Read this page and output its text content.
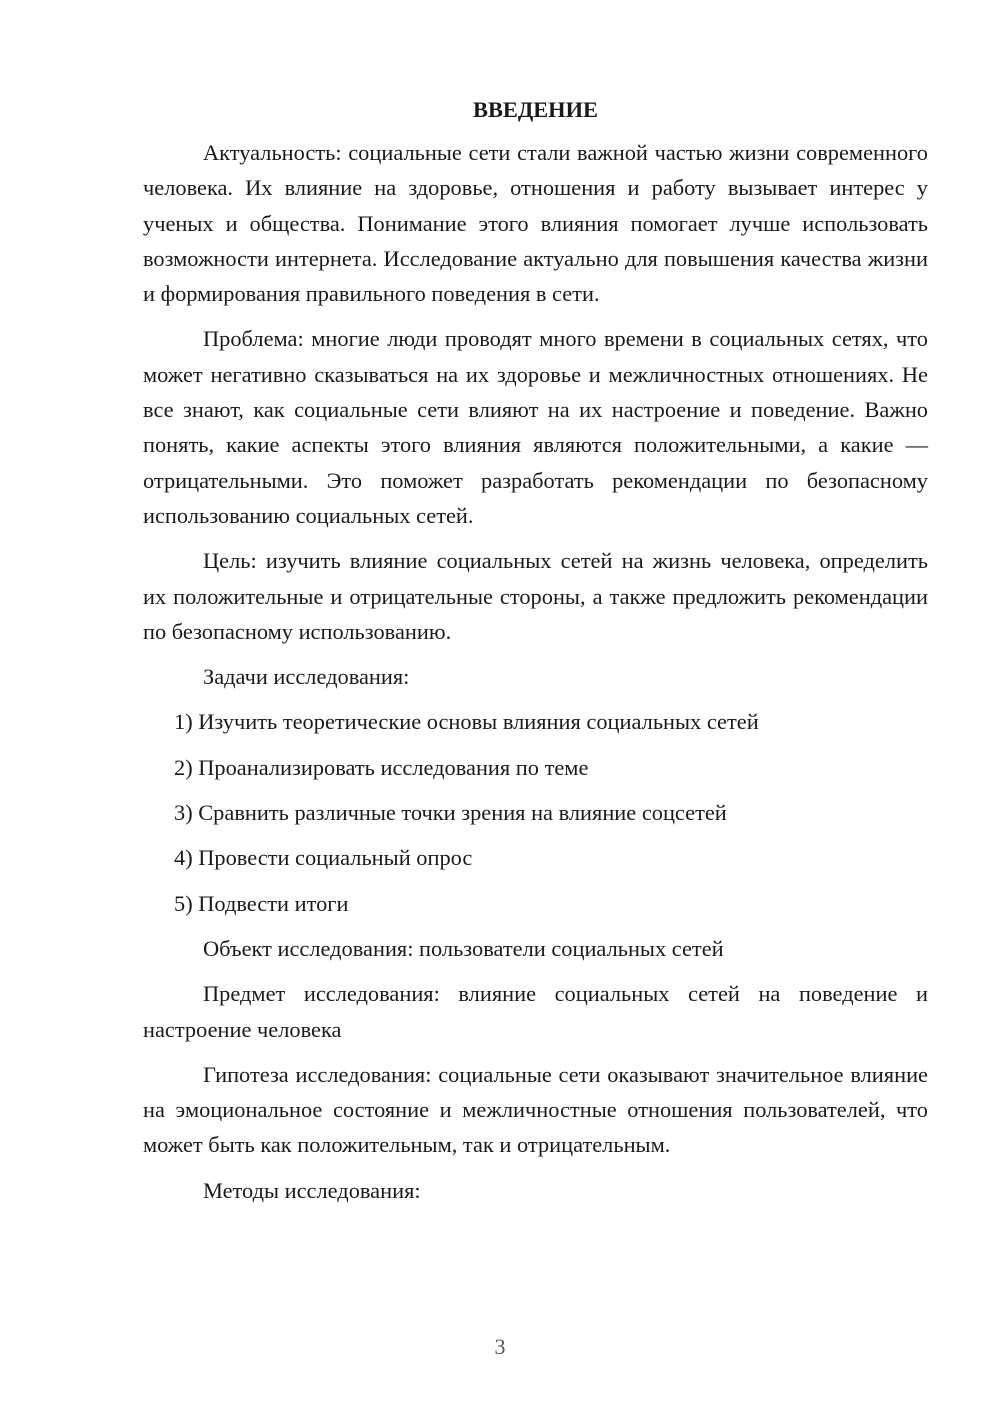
ВВЕДЕНИЕ

Актуальность: социальные сети стали важной частью жизни современного человека. Их влияние на здоровье, отношения и работу вызывает интерес у ученых и общества. Понимание этого влияния помогает лучше использовать возможности интернета. Исследование актуально для повышения качества жизни и формирования правильного поведения в сети.

Проблема: многие люди проводят много времени в социальных сетях, что может негативно сказываться на их здоровье и межличностных отношениях. Не все знают, как социальные сети влияют на их настроение и поведение. Важно понять, какие аспекты этого влияния являются положительными, а какие — отрицательными. Это поможет разработать рекомендации по безопасному использованию социальных сетей.

Цель: изучить влияние социальных сетей на жизнь человека, определить их положительные и отрицательные стороны, а также предложить рекомендации по безопасному использованию.

Задачи исследования:

1) Изучить теоретические основы влияния социальных сетей
2) Проанализировать исследования по теме
3) Сравнить различные точки зрения на влияние соцсетей
4) Провести социальный опрос
5) Подвести итоги

Объект исследования: пользователи социальных сетей

Предмет исследования: влияние социальных сетей на поведение и настроение человека

Гипотеза исследования: социальные сети оказывают значительное влияние на эмоциональное состояние и межличностные отношения пользователей, что может быть как положительным, так и отрицательным.

Методы исследования:

3
